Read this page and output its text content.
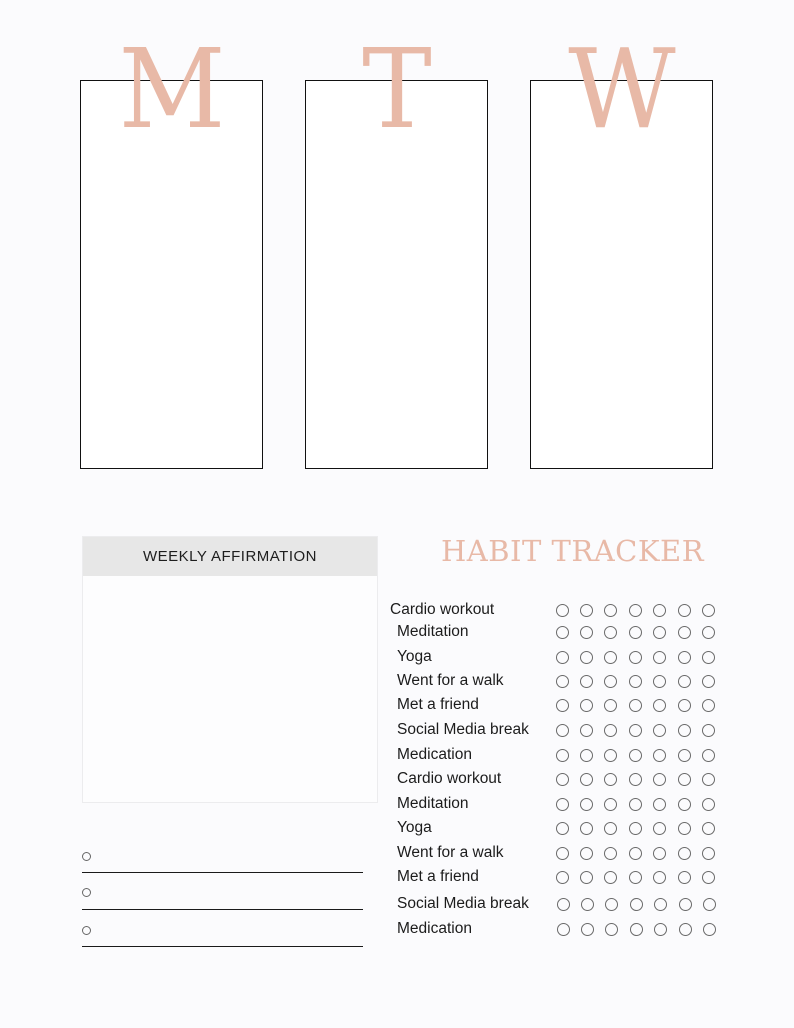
M T W
WEEKLY AFFIRMATION	HABIT TRACKER
Cardio workout
Meditation
Yoga
Went for a walk
Met a friend
Social Media break
Medication
Cardio workout
Meditation
Yoga
Went for a walk
Met a friend
Social Media break
Medication
